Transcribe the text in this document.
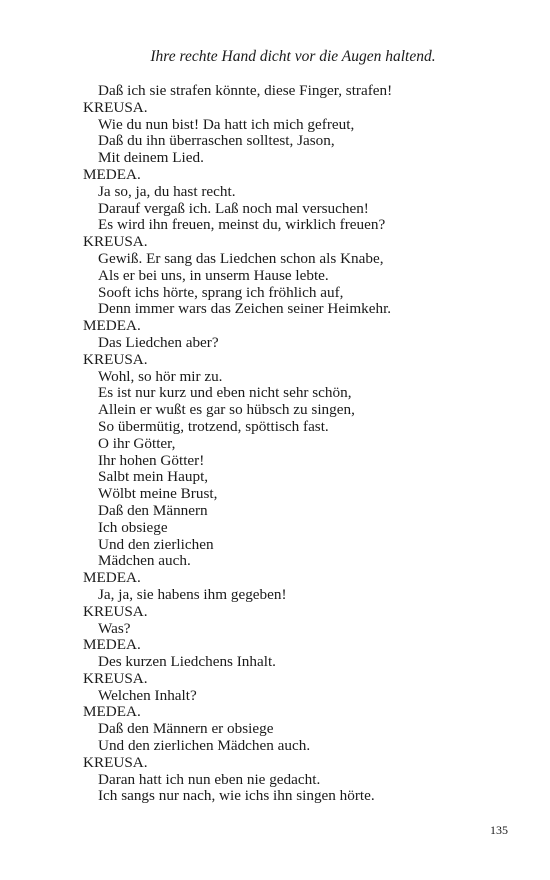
Ihre rechte Hand dicht vor die Augen haltend.
Daß ich sie strafen könnte, diese Finger, strafen!
KREUSA.
Wie du nun bist! Da hatt ich mich gefreut,
Daß du ihn überraschen solltest, Jason,
Mit deinem Lied.
MEDEA.
Ja so, ja, du hast recht.
Darauf vergaß ich. Laß noch mal versuchen!
Es wird ihn freuen, meinst du, wirklich freuen?
KREUSA.
Gewiß. Er sang das Liedchen schon als Knabe,
Als er bei uns, in unserm Hause lebte.
Sooft ichs hörte, sprang ich fröhlich auf,
Denn immer wars das Zeichen seiner Heimkehr.
MEDEA.
Das Liedchen aber?
KREUSA.
Wohl, so hör mir zu.
Es ist nur kurz und eben nicht sehr schön,
Allein er wußt es gar so hübsch zu singen,
So übermütig, trotzend, spöttisch fast.
O ihr Götter,
Ihr hohen Götter!
Salbt mein Haupt,
Wölbt meine Brust,
Daß den Männern
Ich obsiege
Und den zierlichen
Mädchen auch.
MEDEA.
Ja, ja, sie habens ihm gegeben!
KREUSA.
Was?
MEDEA.
Des kurzen Liedchens Inhalt.
KREUSA.
Welchen Inhalt?
MEDEA.
Daß den Männern er obsiege
Und den zierlichen Mädchen auch.
KREUSA.
Daran hatt ich nun eben nie gedacht.
Ich sangs nur nach, wie ichs ihn singen hörte.
135
